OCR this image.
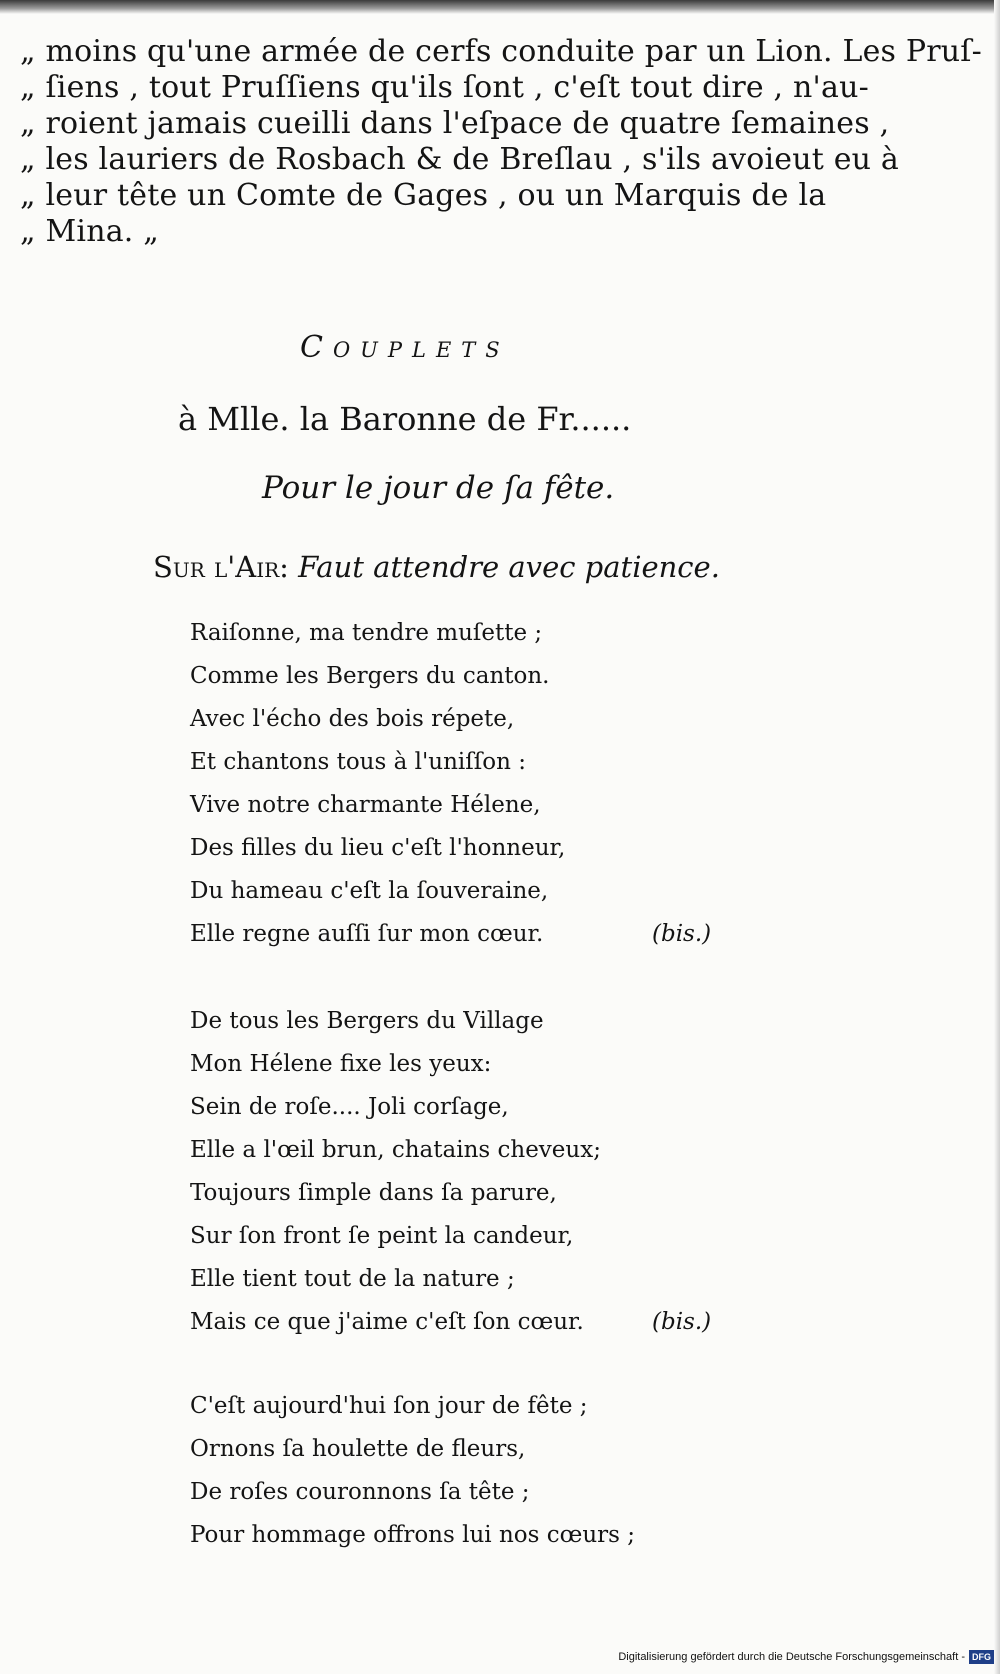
„ moins qu'une armée de cerfs conduite par un Lion. Les Pruſ-
„ ſiens , tout Pruſſiens qu'ils ſont , c'eſt tout dire , n'au-
„ roient jamais cueilli dans l'eſpace de quatre ſemaines ,
„ les lauriers de Rosbach & de Breſlau , s'ils avoieut eu à
„ leur tête un Comte de Gages , ou un Marquis de la
„ Mina. „
Couplets
à Mlle. la Baronne de Fr......
Pour le jour de ſa fête.
Sur l'Air: Faut attendre avec patience.
Raiſonne, ma tendre muſette ;
Comme les Bergers du canton.
Avec l'écho des bois répete,
Et chantons tous à l'uniſſon :
Vive notre charmante Hélene,
Des filles du lieu c'eſt l'honneur,
Du hameau c'eſt la ſouveraine,
Elle regne auſſi ſur mon cœur.	(bis.)
De tous les Bergers du Village
Mon Hélene fixe les yeux:
Sein de roſe.... Joli corſage,
Elle a l'œil brun, chatains cheveux;
Toujours ſimple dans ſa parure,
Sur ſon front ſe peint la candeur,
Elle tient tout de la nature ;
Mais ce que j'aime c'eſt ſon cœur.	(bis.)
C'eſt aujourd'hui ſon jour de fête ;
Ornons ſa houlette de fleurs,
De roſes couronnons ſa tête ;
Pour hommage offrons lui nos cœurs ;
Digitalisierung gefördert durch die Deutsche Forschungsgemeinschaft - DFG
